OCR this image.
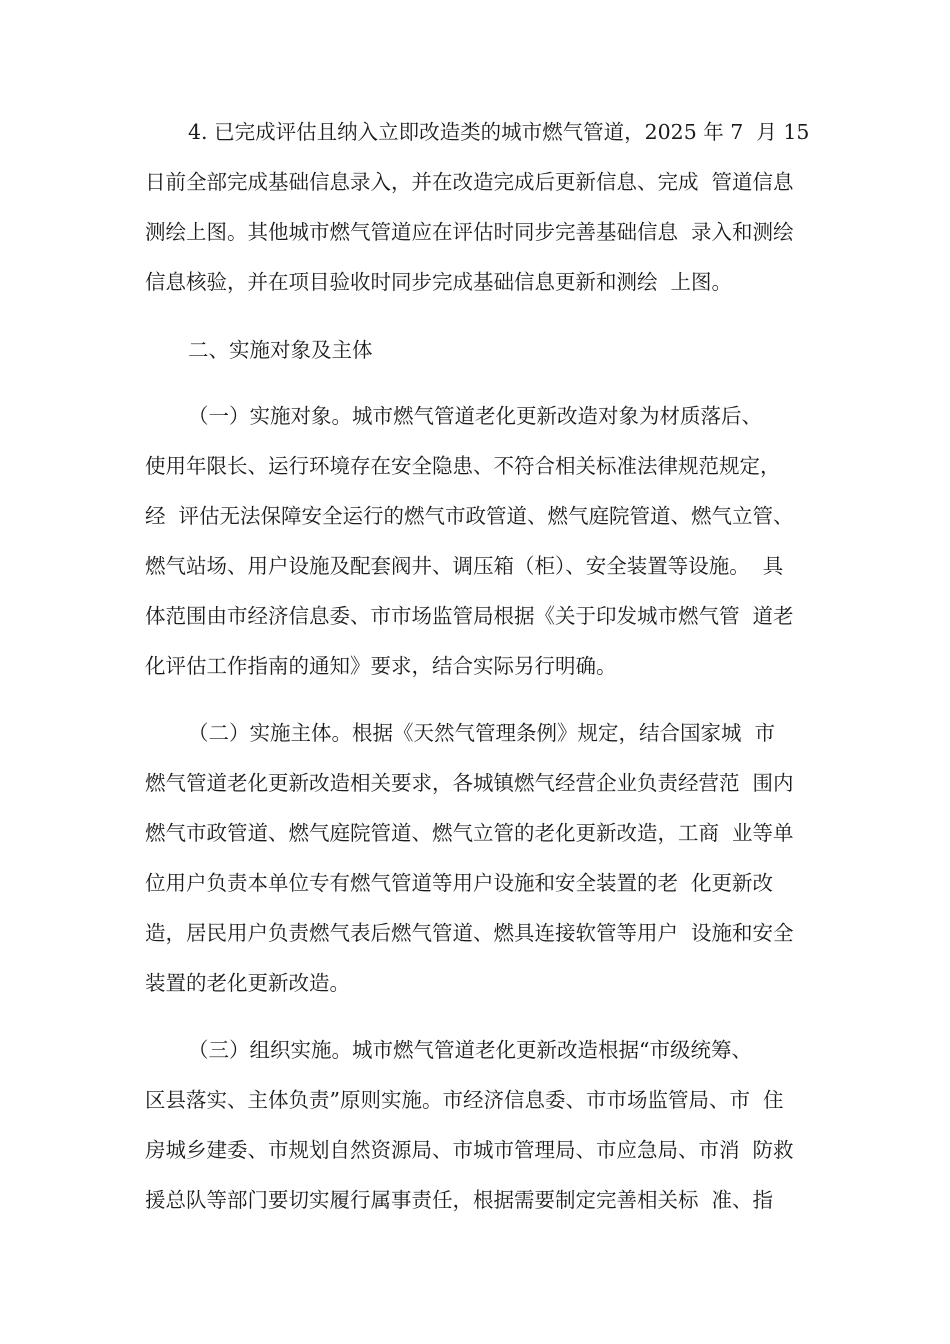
4. 已完成评估且纳入立即改造类的城市燃气管道，2025 年 7  月 15
日前全部完成基础信息录入，并在改造完成后更新信息、完成  管道信息
测绘上图。其他城市燃气管道应在评估时同步完善基础信息  录入和测绘
信息核验，并在项目验收时同步完成基础信息更新和测绘  上图。
二、实施对象及主体
（一）实施对象。城市燃气管道老化更新改造对象为材质落后、
使用年限长、运行环境存在安全隐患、不符合相关标准法律规范规定，
经  评估无法保障安全运行的燃气市政管道、燃气庭院管道、燃气立管、
燃气站场、用户设施及配套阀井、调压箱（柜）、安全装置等设施。  具
体范围由市经济信息委、市市场监管局根据《关于印发城市燃气管  道老
化评估工作指南的通知》要求，结合实际另行明确。
（二）实施主体。根据《天然气管理条例》规定，结合国家城  市
燃气管道老化更新改造相关要求，各城镇燃气经营企业负责经营范  围内
燃气市政管道、燃气庭院管道、燃气立管的老化更新改造，工商  业等单
位用户负责本单位专有燃气管道等用户设施和安全装置的老  化更新改
造，居民用户负责燃气表后燃气管道、燃具连接软管等用户  设施和安全
装置的老化更新改造。
（三）组织实施。城市燃气管道老化更新改造根据“市级统筹、
区县落实、主体负责”原则实施。市经济信息委、市市场监管局、市  住
房城乡建委、市规划自然资源局、市城市管理局、市应急局、市消  防救
援总队等部门要切实履行属事责任，根据需要制定完善相关标  准、指
